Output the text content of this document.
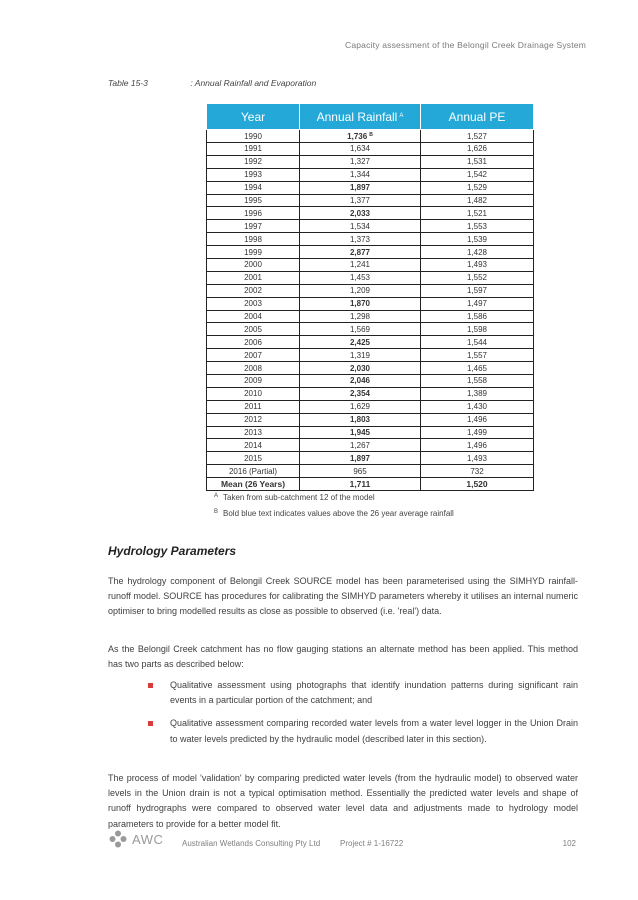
Capacity assessment of the Belongil Creek Drainage System
Table 15-3	: Annual Rainfall and Evaporation
Year	Annual Rainfall $^A$	Annual PE
1990	1,736 $^B$	1,527
1991	1,634	1,626
1992	1,327	1,531
1993	1,344	1,542
1994	1,897	1,529
1995	1,377	1,482
1996	2,033	1,521
1997	1,534	1,553
1998	1,373	1,539
1999	2,877	1,428
2000	1,241	1,493
2001	1,453	1,552
2002	1,209	1,597
2003	1,870	1,497
2004	1,298	1,586
2005	1,569	1,598
2006	2,425	1,544
2007	1,319	1,557
2008	2,030	1,465
2009	2,046	1,558
2010	2,354	1,389
2011	1,629	1,430
2012	1,803	1,496
2013	1,945	1,499
2014	1,267	1,496
2015	1,897	1,493
2016 (Partial)	965	732
Mean (26 Years)	1,711	1,520
$^A$ Taken from sub-catchment 12 of the model
$^B$ Bold blue text indicates values above the 26 year average rainfall
Hydrology Parameters

The hydrology component of Belongil Creek SOURCE model has been parameterised using the SIMHYD rainfall-runoff model. SOURCE has procedures for calibrating the SIMHYD parameters whereby it utilises an internal numeric optimiser to bring modelled results as close as possible to observed (i.e. 'real') data.

As the Belongil Creek catchment has no flow gauging stations an alternate method has been applied. This method has two parts as described below:

Qualitative assessment using photographs that identify inundation patterns during significant rain events in a particular portion of the catchment; and
Qualitative assessment comparing recorded water levels from a water level logger in the Union Drain to water levels predicted by the hydraulic model (described later in this section).

The process of model 'validation' by comparing predicted water levels (from the hydraulic model) to observed water levels in the Union drain is not a typical optimisation method. Essentially the predicted water levels and shape of runoff hydrographs were compared to observed water level data and adjustments made to hydrology model parameters to provide for a better model fit.

AWC Australian Wetlands Consulting Pty Ltd Project # 1-16722	102
